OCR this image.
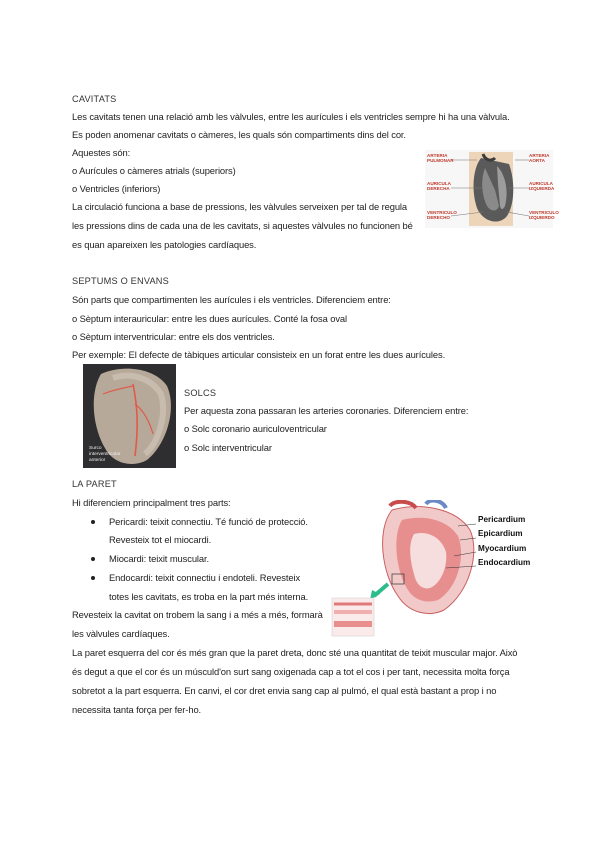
CAVITATS
Les cavitats tenen una relació amb les vàlvules, entre les aurícules i els ventricles sempre hi ha una vàlvula.
Es poden anomenar cavitats o càmeres, les quals són compartiments dins del cor.
Aquestes són:
o Aurícules o càmeres atrials (superiors)
o Ventricles (inferiors)
La circulació funciona a base de pressions, les vàlvules serveixen per tal de regula
les pressions dins de cada una de les cavitats, si aquestes vàlvules no funcionen bé
es quan apareixen les patologies cardíaques.
ARTERIA PULMONAR
ARTERIA AORTA
AURICULA DERECHA
AURICULA IZQUIERDA
VENTRICULO DERECHO
VENTRICULO IZQUIERDO
SEPTUMS O ENVANS
Són parts que compartimenten les aurícules i els ventricles. Diferenciem entre:
o Sèptum interauricular: entre les dues aurícules. Conté la fosa oval
o Sèptum interventricular: entre els dos ventricles.
Per exemple: El defecte de tàbiques articular consisteix en un forat entre les dues aurícules.
Surco interventricular anterior
SOLCS
Per aquesta zona passaran les arteries coronaries. Diferenciem entre:
o Solc coronario auriculoventricular
o Solc interventricular
LA PARET
Hi diferenciem principalment tres parts:
Pericardi: teixit connectiu. Té funció de protecció.
Revesteix tot el miocardi.
Miocardi: teixit muscular.
Endocardi: teixit connectiu i endoteli. Revesteix
totes les cavitats, es troba en la part més interna.
Revesteix la cavitat on trobem la sang i a més a més, formarà
les vàlvules cardíaques.
La paret esquerra del cor és més gran que la paret dreta, donc sté una quantitat de teixit muscular major. Això
és degut a que el cor és un músculd'on surt sang oxigenada cap a tot el cos i per tant, necessita molta força
sobretot a la part esquerra. En canvi, el cor dret envia sang cap al pulmó, el qual està bastant a prop i no
necessita tanta força per fer-ho.
Pericardium
Epicardium
Myocardium
Endocardium
